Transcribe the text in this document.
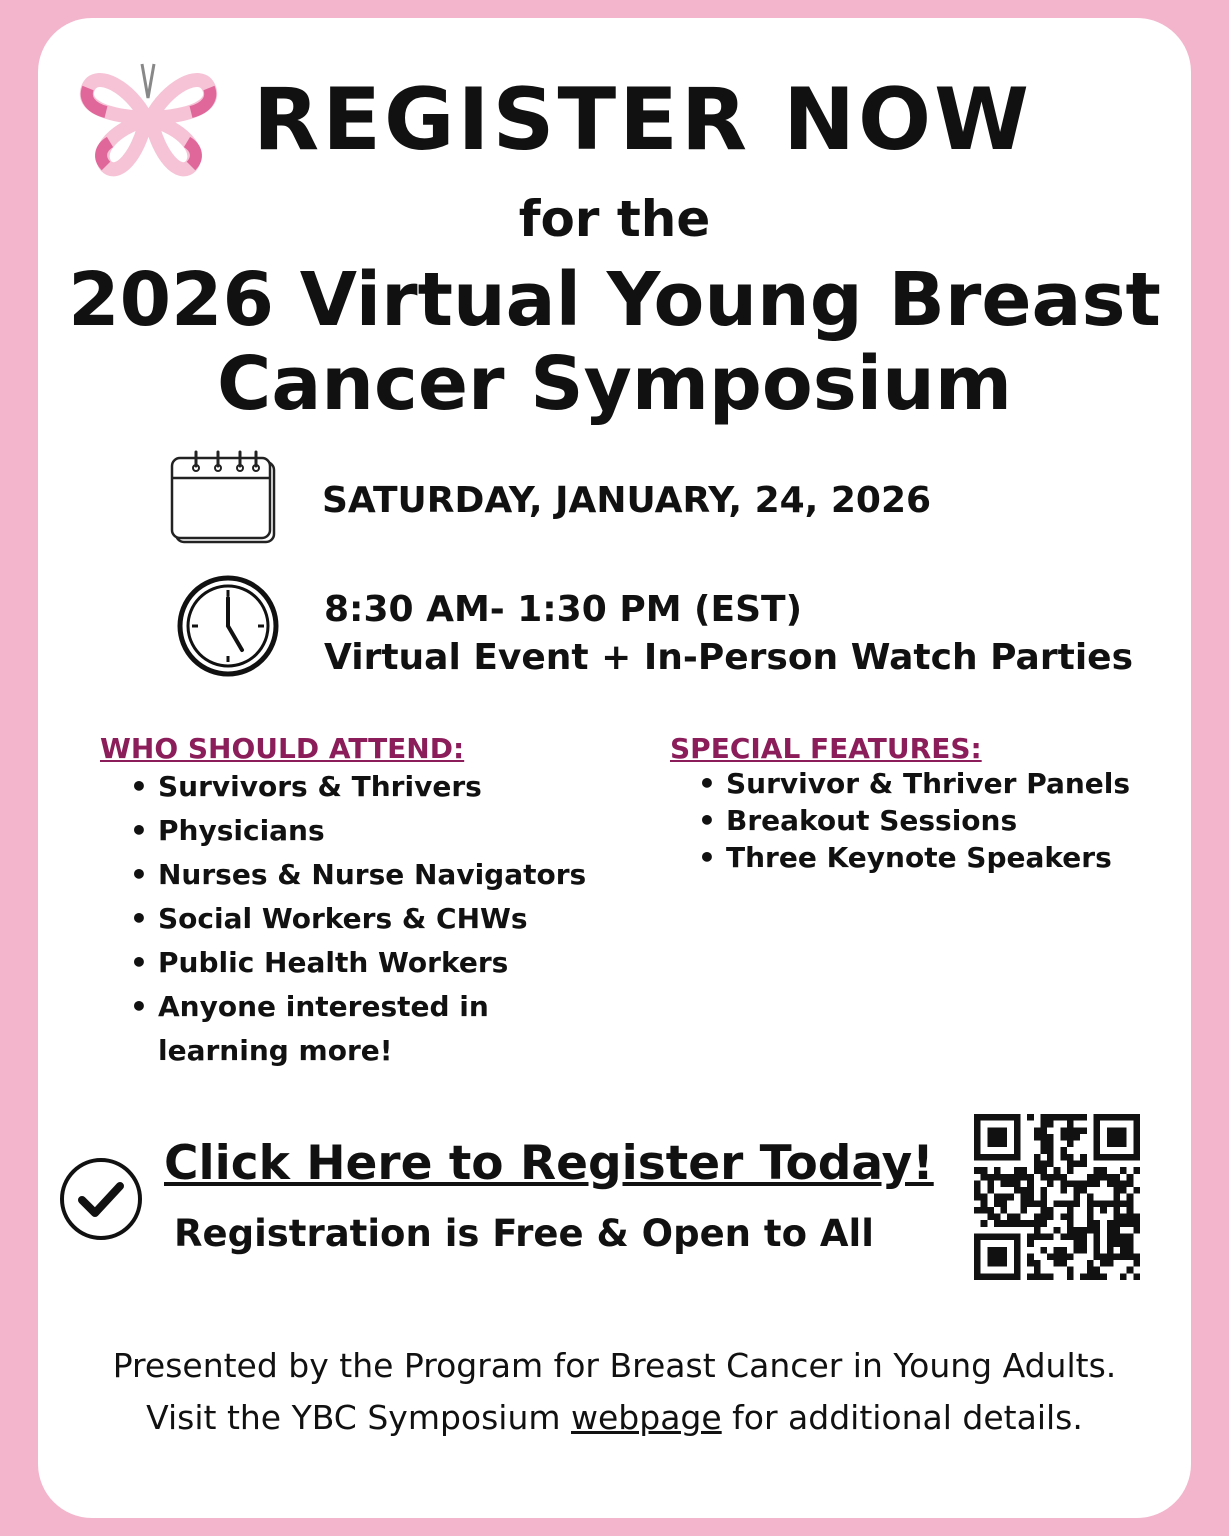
REGISTER NOW
for the
2026 Virtual Young Breast
Cancer Symposium
SATURDAY, JANUARY, 24, 2026
8:30 AM- 1:30 PM (EST)
Virtual Event + In-Person Watch Parties
WHO SHOULD ATTEND:
• Survivors & Thrivers
• Physicians
• Nurses & Nurse Navigators
• Social Workers & CHWs
• Public Health Workers
• Anyone interested in
learning more!
SPECIAL FEATURES:
• Survivor & Thriver Panels
• Breakout Sessions
• Three Keynote Speakers
Click Here to Register Today!
Registration is Free & Open to All
Presented by the Program for Breast Cancer in Young Adults.
Visit the YBC Symposium webpage for additional details.
